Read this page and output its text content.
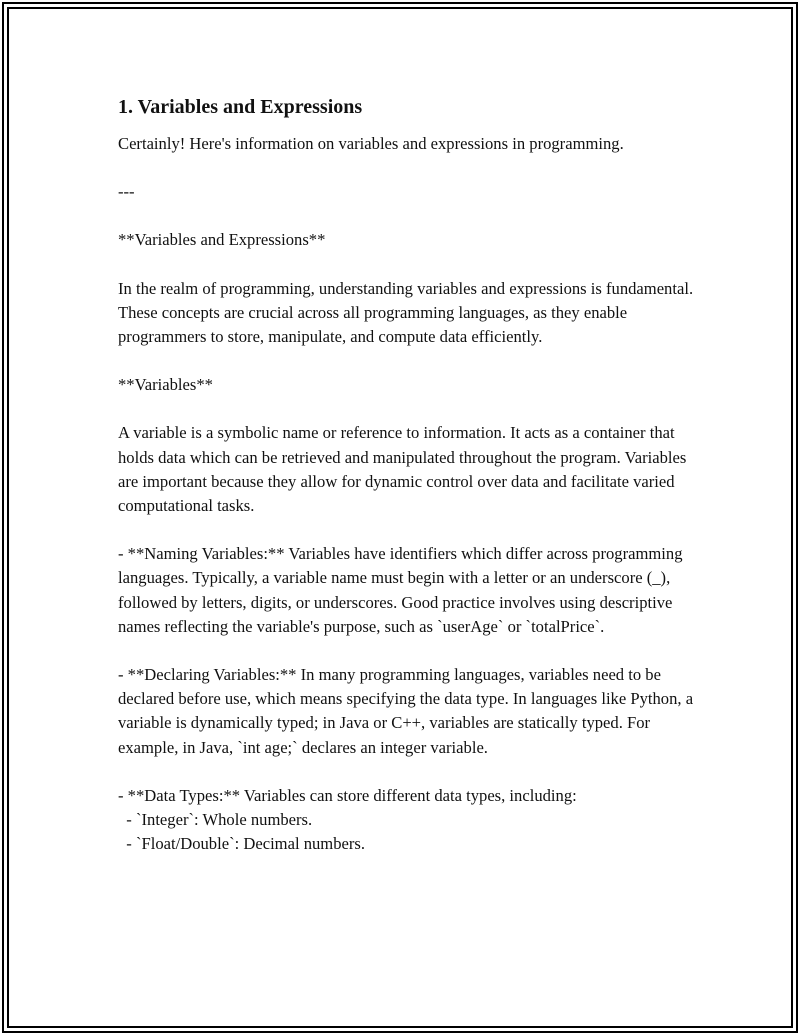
1. Variables and Expressions

Certainly! Here's information on variables and expressions in programming.

---

**Variables and Expressions**

In the realm of programming, understanding variables and expressions is fundamental. These concepts are crucial across all programming languages, as they enable programmers to store, manipulate, and compute data efficiently.

**Variables**

A variable is a symbolic name or reference to information. It acts as a container that holds data which can be retrieved and manipulated throughout the program. Variables are important because they allow for dynamic control over data and facilitate varied computational tasks.

- **Naming Variables:** Variables have identifiers which differ across programming languages. Typically, a variable name must begin with a letter or an underscore (_), followed by letters, digits, or underscores. Good practice involves using descriptive names reflecting the variable's purpose, such as `userAge` or `totalPrice`.

- **Declaring Variables:** In many programming languages, variables need to be declared before use, which means specifying the data type. In languages like Python, a variable is dynamically typed; in Java or C++, variables are statically typed. For example, in Java, `int age;` declares an integer variable.

- **Data Types:** Variables can store different data types, including:
- `Integer`: Whole numbers.
- `Float/Double`: Decimal numbers.
